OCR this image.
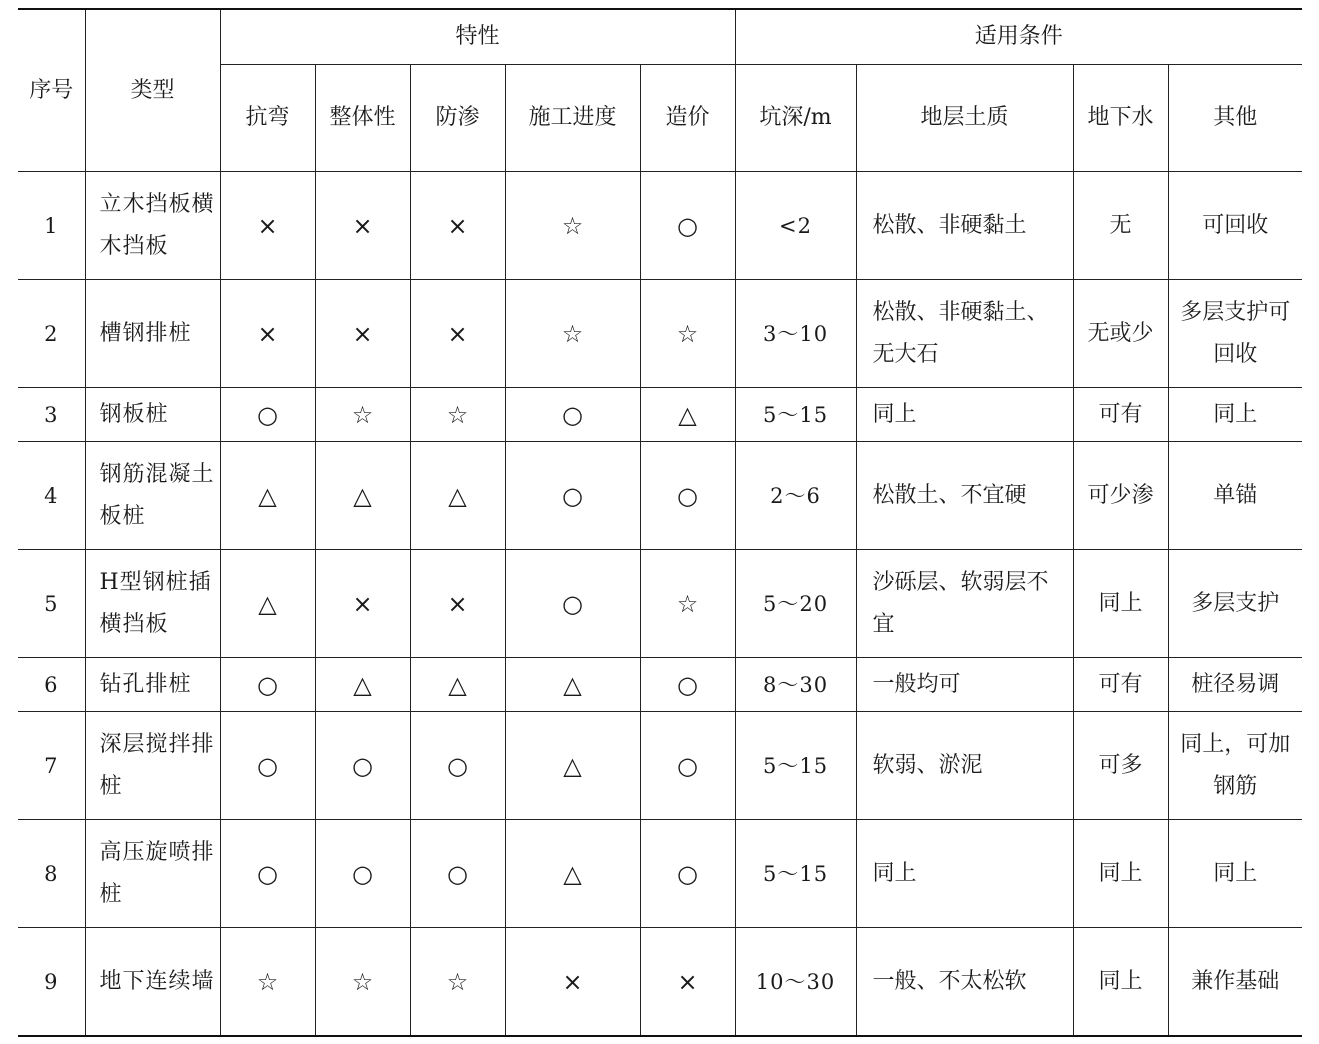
序号	类型	特性					适用条件			
		抗弯	整体性	防渗	施工进度	造价	坑深/m	地层土质	地下水	其他
1	立木挡板横木挡板	×	×	×	☆	○	<2	松散、非硬黏土	无	可回收
2	槽钢排桩	×	×	×	☆	☆	3～10	松散、非硬黏土、无大石	无或少	多层支护可回收
3	钢板桩	○	☆	☆	○	△	5～15	同上	可有	同上
4	钢筋混凝土板桩	△	△	△	○	○	2～6	松散土、不宜硬	可少渗	单锚
5	H型钢桩插横挡板	△	×	×	○	☆	5～20	沙砾层、软弱层不宜	同上	多层支护
6	钻孔排桩	○	△	△	△	○	8～30	一般均可	可有	桩径易调
7	深层搅拌排桩	○	○	○	△	○	5～15	软弱、淤泥	可多	同上，可加钢筋
8	高压旋喷排桩	○	○	○	△	○	5～15	同上	同上	同上
9	地下连续墙	☆	☆	☆	×	×	10～30	一般、不太松软	同上	兼作基础
